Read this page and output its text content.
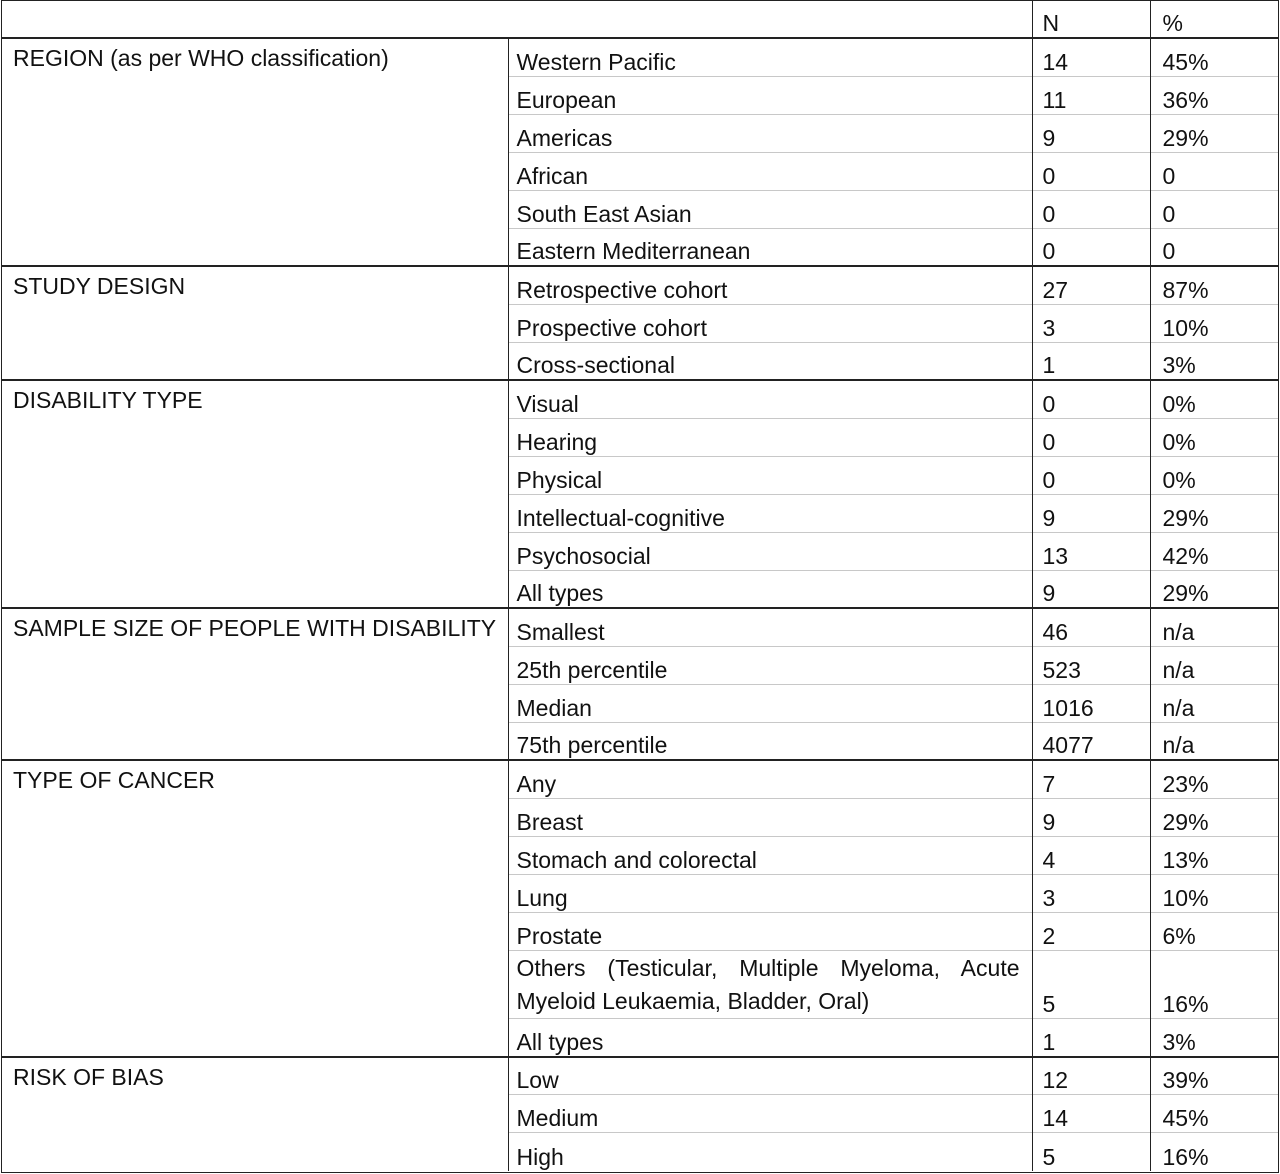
		N	%
REGION (as per WHO classification)	Western Pacific	14	45%
	European	11	36%
	Americas	9	29%
	African	0	0
	South East Asian	0	0
	Eastern Mediterranean	0	0
STUDY DESIGN	Retrospective cohort	27	87%
	Prospective cohort	3	10%
	Cross-sectional	1	3%
DISABILITY TYPE	Visual	0	0%
	Hearing	0	0%
	Physical	0	0%
	Intellectual-cognitive	9	29%
	Psychosocial	13	42%
	All types	9	29%
SAMPLE SIZE OF PEOPLE WITH DISABILITY	Smallest	46	n/a
	25th percentile	523	n/a
	Median	1016	n/a
	75th percentile	4077	n/a
TYPE OF CANCER	Any	7	23%
	Breast	9	29%
	Stomach and colorectal	4	13%
	Lung	3	10%
	Prostate	2	6%
	Others (Testicular, Multiple Myeloma, Acute Myeloid Leukaemia, Bladder, Oral)	5	16%
	All types	1	3%
RISK OF BIAS	Low	12	39%
	Medium	14	45%
	High	5	16%
